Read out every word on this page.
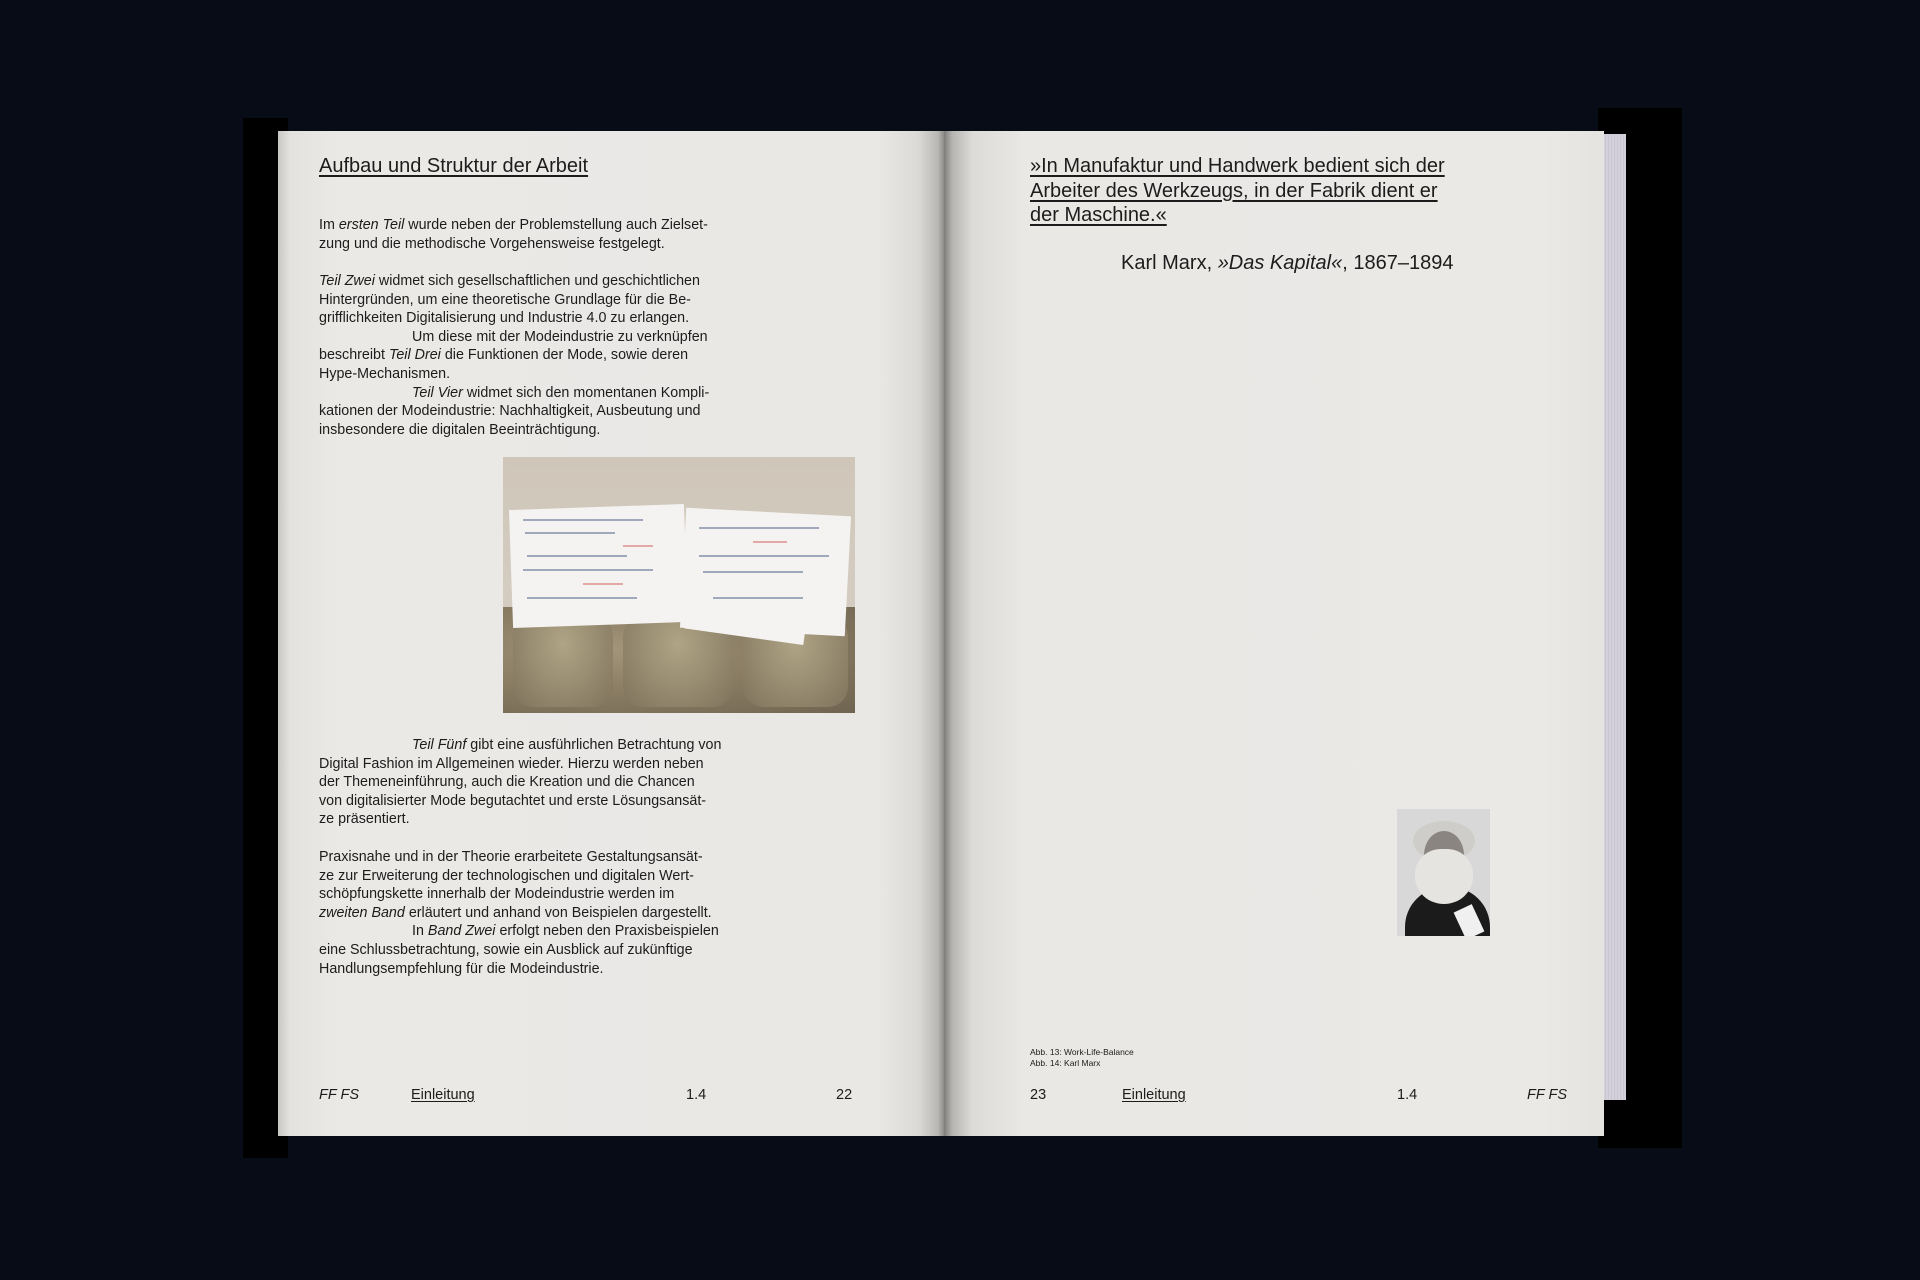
Aufbau und Struktur der Arbeit

Im ersten Teil wurde neben der Problemstellung auch Zielset-

zung und die methodische Vorgehensweise festgelegt.

Teil Zwei widmet sich gesellschaftlichen und geschichtlichen

Hintergründen, um eine theoretische Grundlage für die Be-

grifflichkeiten Digitalisierung und Industrie 4.0 zu erlangen.

Um diese mit der Modeindustrie zu verknüpfen

beschreibt Teil Drei die Funktionen der Mode, sowie deren

Hype-Mechanismen.

Teil Vier widmet sich den momentanen Kompli-

kationen der Modeindustrie: Nachhaltigkeit, Ausbeutung und

insbesondere die digitalen Beeinträchtigung.

Teil Fünf gibt eine ausführlichen Betrachtung von

Digital Fashion im Allgemeinen wieder. Hierzu werden neben

der Themeneinführung, auch die Kreation und die Chancen

von digitalisierter Mode begutachtet und erste Lösungsansät-

ze präsentiert.

Praxisnahe und in der Theorie erarbeitete Gestaltungsansät-

ze zur Erweiterung der technologischen und digitalen Wert-

schöpfungskette innerhalb der Modeindustrie werden im

zweiten Band erläutert und anhand von Beispielen dargestellt.

In Band Zwei erfolgt neben den Praxisbeispielen

eine Schlussbetrachtung, sowie ein Ausblick auf zukünftige

Handlungsempfehlung für die Modeindustrie.

FF FS	Einleitung	1.4	22
»In Manufaktur und Handwerk bedient sich der
Arbeiter des Werkzeugs, in der Fabrik dient er
der Maschine.«
Karl Marx, »Das Kapital«, 1867–1894
Abb. 13: Work-Life-Balance
Abb. 14: Karl Marx
23	Einleitung	1.4	FF FS
